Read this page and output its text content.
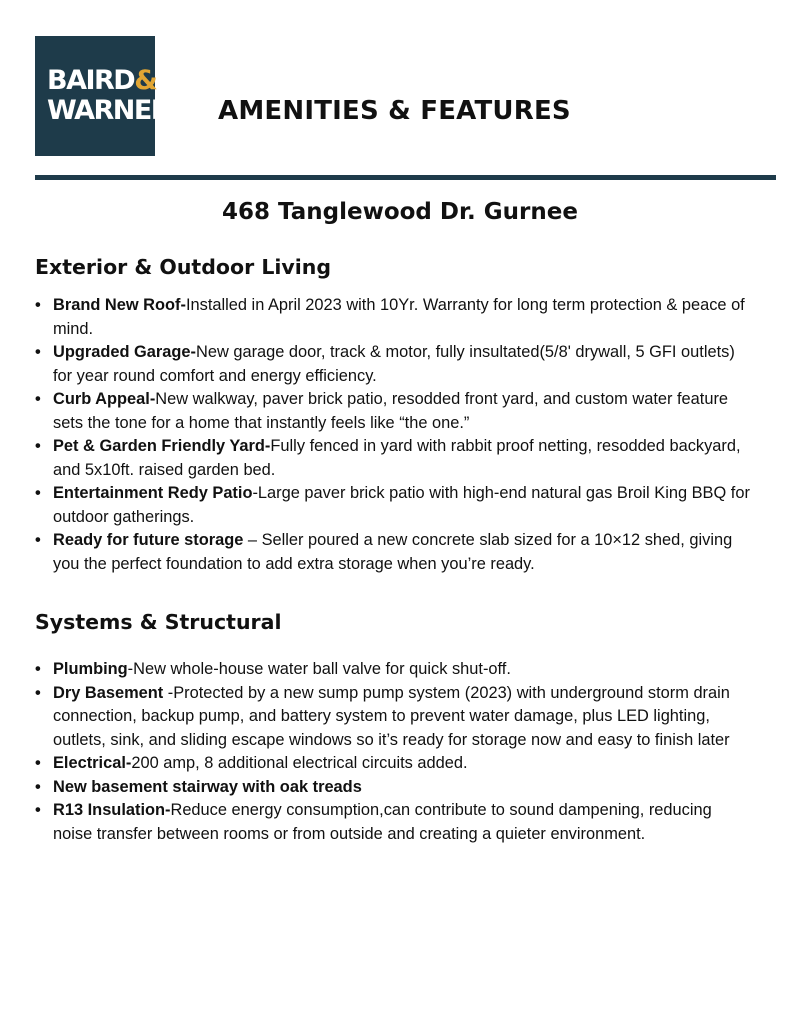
BAIRD&
WARNER AMENITIES & FEATURES
468 Tanglewood Dr. Gurnee
Exterior & Outdoor Living
• Brand New Roof-Installed in April 2023 with 10Yr. Warranty for long term protection & peace of mind.
• Upgraded Garage-New garage door, track & motor, fully insultated(5/8' drywall, 5 GFI outlets) for year round comfort and energy efficiency.
• Curb Appeal-New walkway, paver brick patio, resodded front yard, and custom water feature sets the tone for a home that instantly feels like “the one.”
• Pet & Garden Friendly Yard-Fully fenced in yard with rabbit proof netting, resodded backyard, and 5x10ft. raised garden bed.
• Entertainment Redy Patio-Large paver brick patio with high-end natural gas Broil King BBQ for outdoor gatherings.
• Ready for future storage – Seller poured a new concrete slab sized for a 10×12 shed, giving you the perfect foundation to add extra storage when you’re ready.
Systems & Structural
• Plumbing-New whole-house water ball valve for quick shut-off.
• Dry Basement -Protected by a new sump pump system (2023) with underground storm drain connection, backup pump, and battery system to prevent water damage, plus LED lighting, outlets, sink, and sliding escape windows so it’s ready for storage now and easy to finish later
• Electrical-200 amp, 8 additional electrical circuits added.
• New basement stairway with oak treads
• R13 Insulation-Reduce energy consumption,can contribute to sound dampening, reducing noise transfer between rooms or from outside and creating a quieter environment.
